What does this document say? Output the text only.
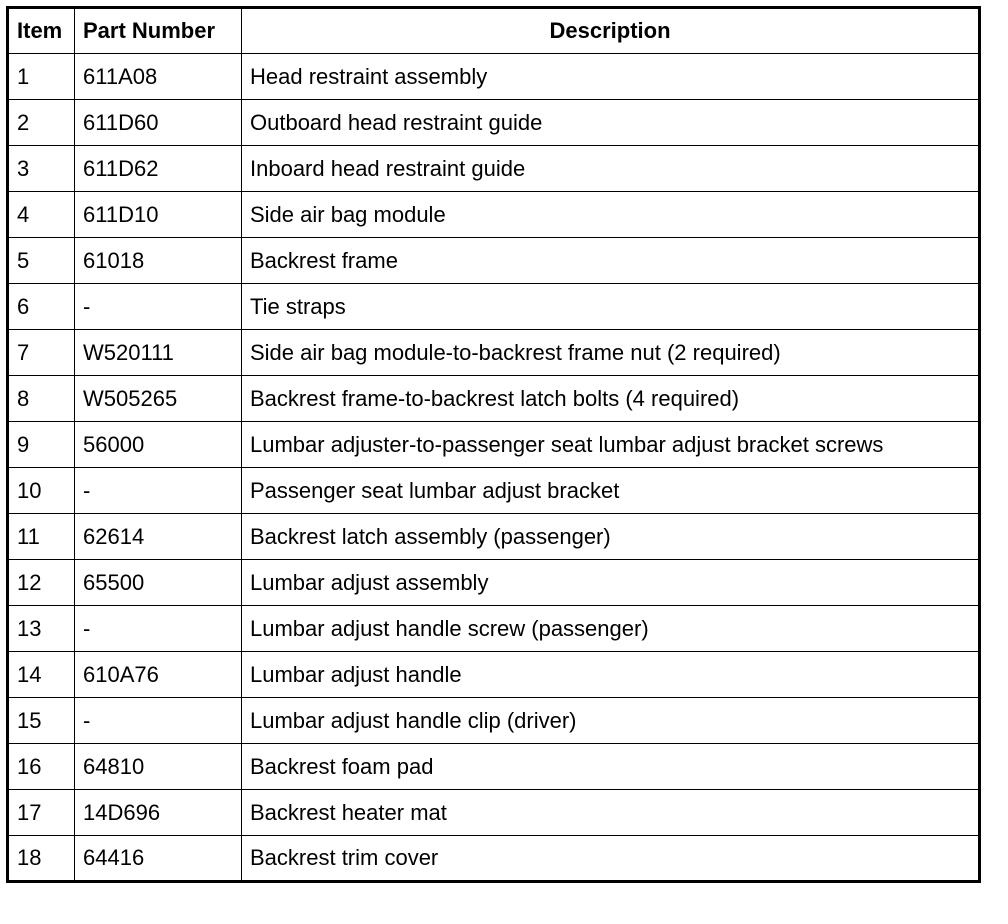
Item	Part Number	Description
1	611A08	Head restraint assembly
2	611D60	Outboard head restraint guide
3	611D62	Inboard head restraint guide
4	611D10	Side air bag module
5	61018	Backrest frame
6	-	Tie straps
7	W520111	Side air bag module-to-backrest frame nut (2 required)
8	W505265	Backrest frame-to-backrest latch bolts (4 required)
9	56000	Lumbar adjuster-to-passenger seat lumbar adjust bracket screws
10	-	Passenger seat lumbar adjust bracket
11	62614	Backrest latch assembly (passenger)
12	65500	Lumbar adjust assembly
13	-	Lumbar adjust handle screw (passenger)
14	610A76	Lumbar adjust handle
15	-	Lumbar adjust handle clip (driver)
16	64810	Backrest foam pad
17	14D696	Backrest heater mat
18	64416	Backrest trim cover
